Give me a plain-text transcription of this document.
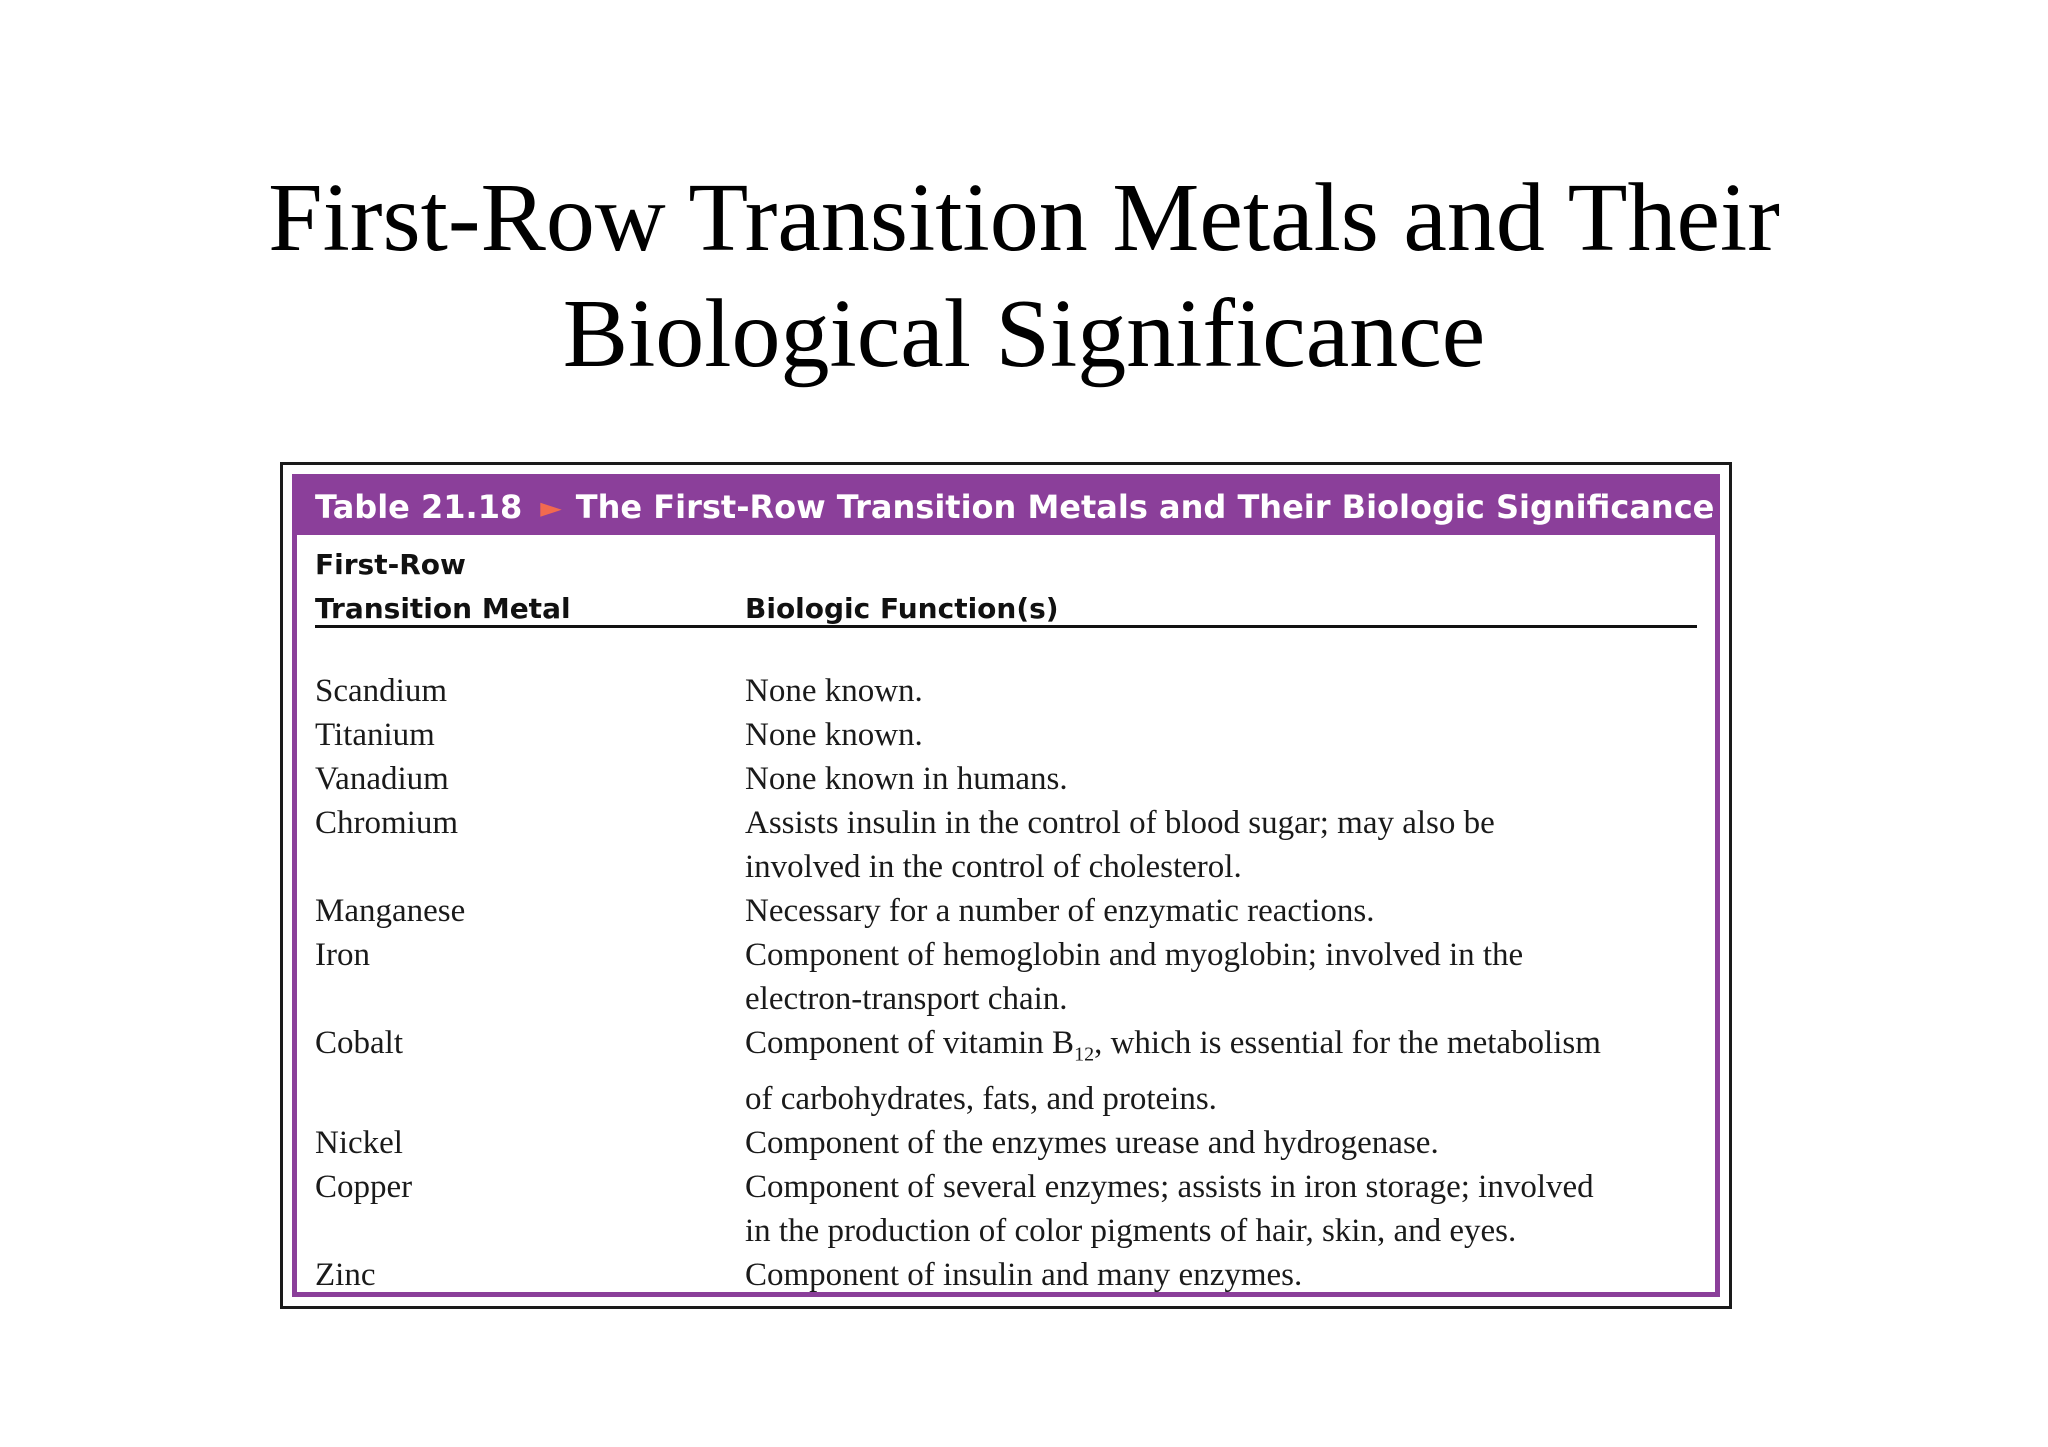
First-Row Transition Metals and Their
Biological Significance
Table 21.18 ► The First-Row Transition Metals and Their Biologic Significance
First-Row
Transition Metal	Biologic Function(s)
Scandium	None known.
Titanium	None known.
Vanadium	None known in humans.
Chromium	Assists insulin in the control of blood sugar; may also be
involved in the control of cholesterol.
Manganese	Necessary for a number of enzymatic reactions.
Iron	Component of hemoglobin and myoglobin; involved in the
electron-transport chain.
Cobalt	Component of vitamin $B_{12}$, which is essential for the metabolism
of carbohydrates, fats, and proteins.
Nickel	Component of the enzymes urease and hydrogenase.
Copper	Component of several enzymes; assists in iron storage; involved
in the production of color pigments of hair, skin, and eyes.
Zinc	Component of insulin and many enzymes.
